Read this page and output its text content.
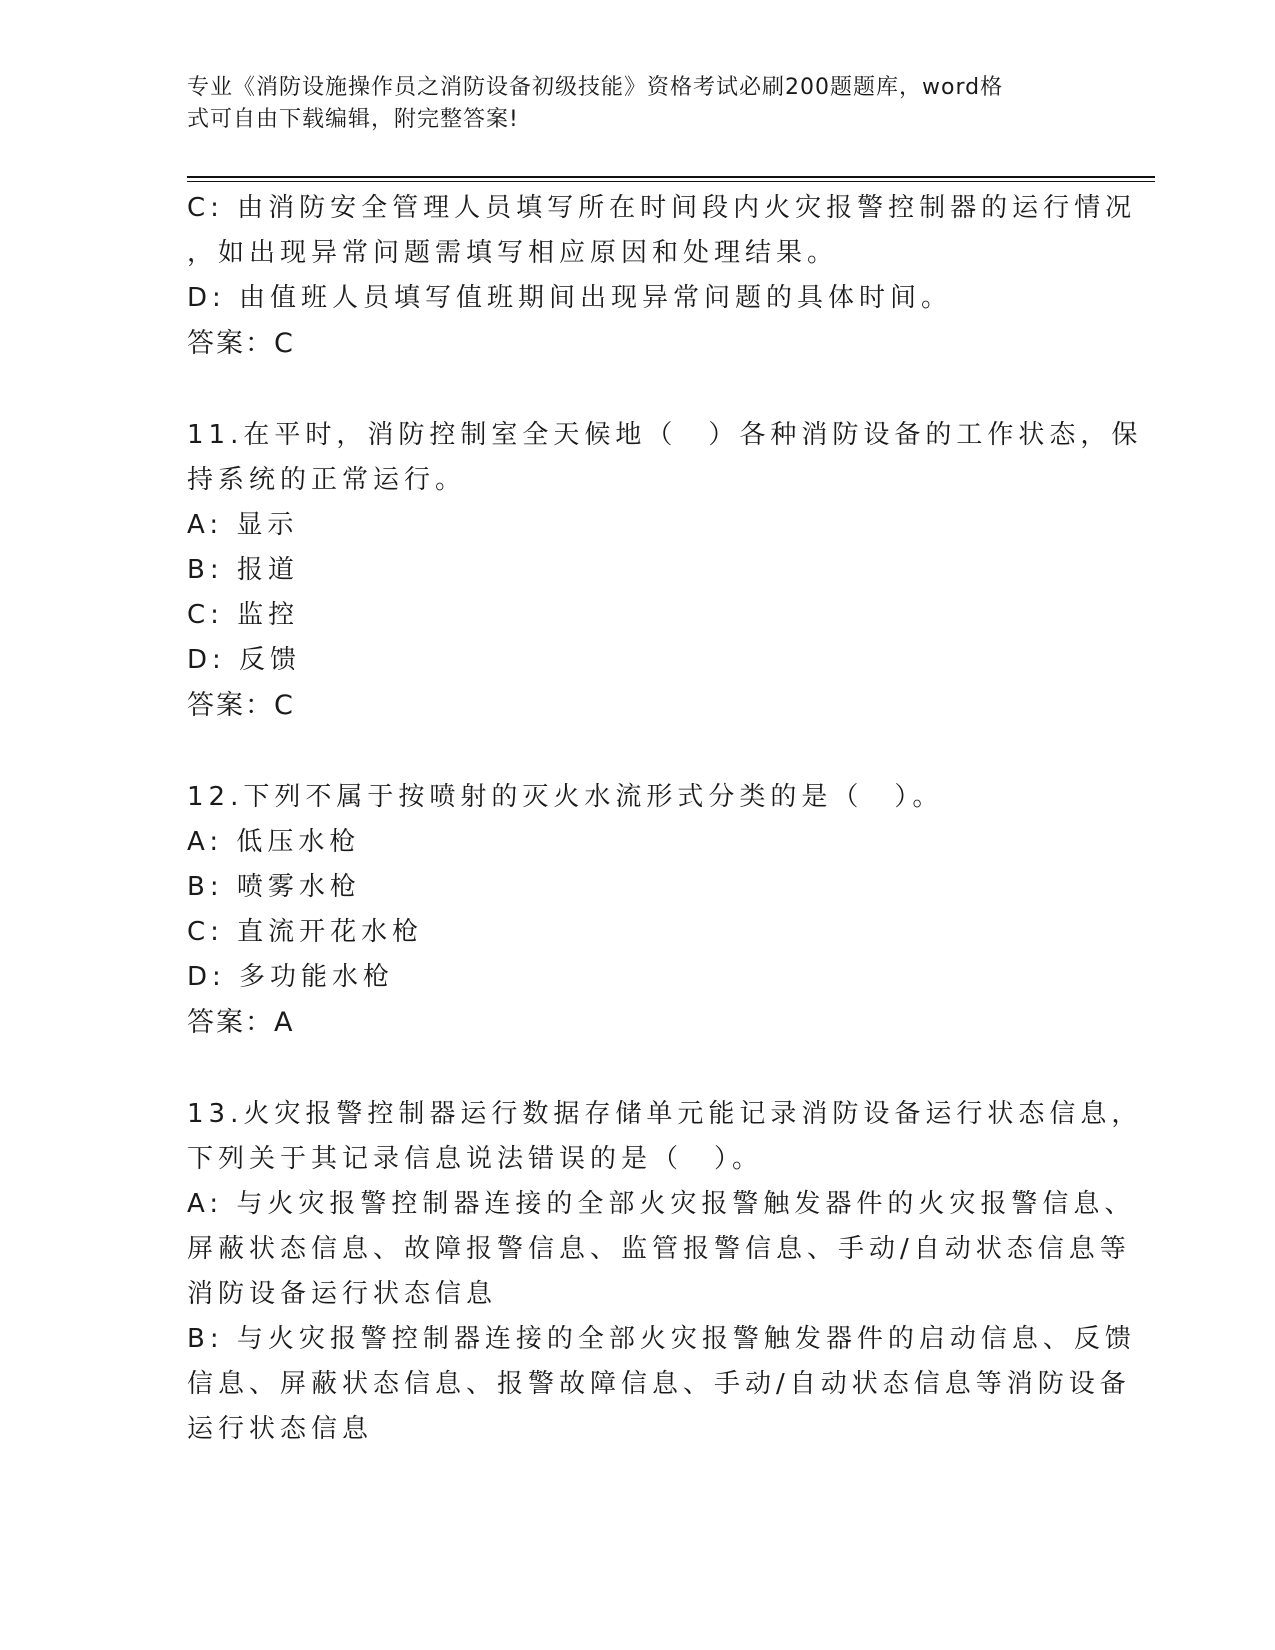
专业《消防设施操作员之消防设备初级技能》资格考试必刷200题题库，word格
式可自由下载编辑，附完整答案!
C: 由消防安全管理人员填写所在时间段内火灾报警控制器的运行情况
，如出现异常问题需填写相应原因和处理结果。
D: 由值班人员填写值班期间出现异常问题的具体时间。
答案：C
11.在平时，消防控制室全天候地（　）各种消防设备的工作状态，保
持系统的正常运行。
A: 显示
B: 报道
C: 监控
D: 反馈
答案：C
12.下列不属于按喷射的灭火水流形式分类的是（　）。
A: 低压水枪
B: 喷雾水枪
C: 直流开花水枪
D: 多功能水枪
答案：A
13.火灾报警控制器运行数据存储单元能记录消防设备运行状态信息，
下列关于其记录信息说法错误的是（　）。
A: 与火灾报警控制器连接的全部火灾报警触发器件的火灾报警信息、
屏蔽状态信息、故障报警信息、监管报警信息、手动/自动状态信息等
消防设备运行状态信息
B: 与火灾报警控制器连接的全部火灾报警触发器件的启动信息、反馈
信息、屏蔽状态信息、报警故障信息、手动/自动状态信息等消防设备
运行状态信息
